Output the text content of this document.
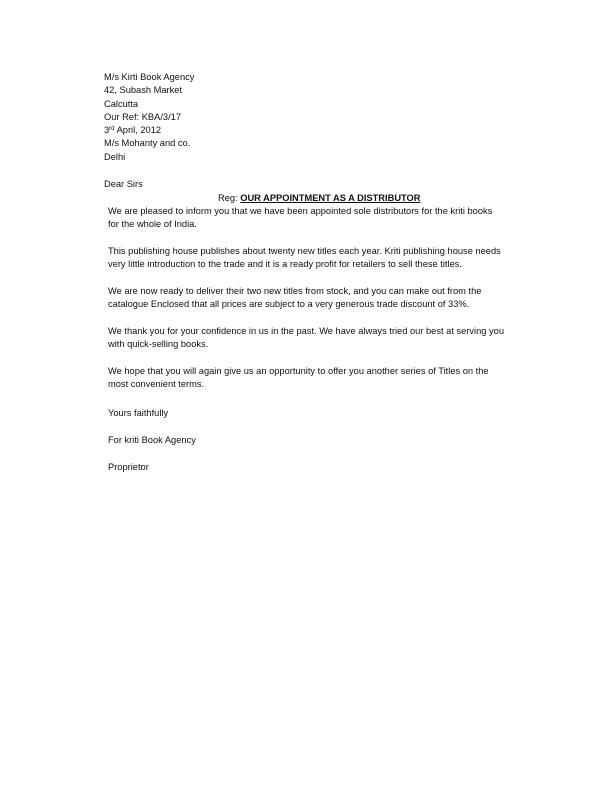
M/s Kirti Book Agency
42, Subash Market
Calcutta
Our Ref: KBA/3/17
3rd April, 2012
M/s Mohanty and co.
Delhi
Dear Sirs
Reg: OUR APPOINTMENT AS A DISTRIBUTOR

We are pleased to inform you that we have been appointed sole distributors for the kriti books
for the whole of India.

This publishing house publishes about twenty new titles each year. Kriti publishing house needs
very little introduction to the trade and it is a ready profit for retailers to sell these titles.

We are now ready to deliver their two new titles from stock, and you can make out from the
catalogue Enclosed that all prices are subject to a very generous trade discount of 33%.

We thank you for your confidence in us in the past. We have always tried our best at serving you
with quick-selling books.

We hope that you will again give us an opportunity to offer you another series of Titles on the
most convenient terms.

Yours faithfully
For kriti Book Agency
Proprietor
